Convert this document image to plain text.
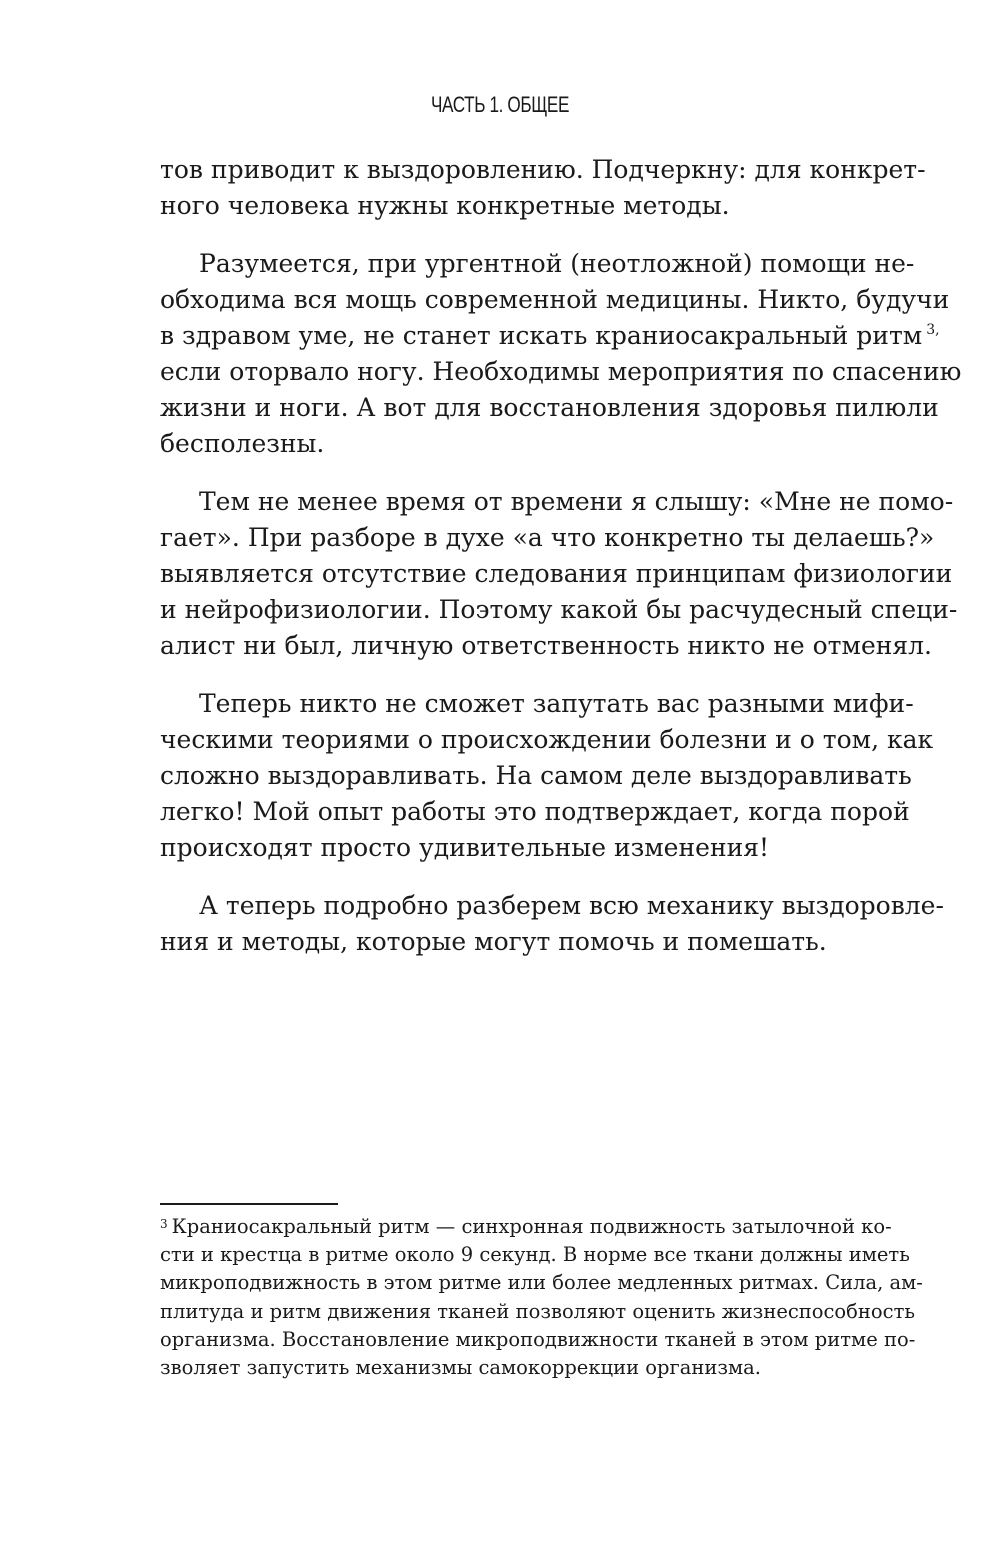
ЧАСТЬ 1. ОБЩЕЕ
тов приводит к выздоровлению. Подчеркну: для конкрет-
ного человека нужны конкретные методы.
Разумеется, при ургентной (неотложной) помощи не-
обходима вся мощь современной медицины. Никто, будучи
в здравом уме, не станет искать краниосакральный ритм $^{3,}$
если оторвало ногу. Необходимы мероприятия по спасению
жизни и ноги. А вот для восстановления здоровья пилюли
бесполезны.
Тем не менее время от времени я слышу: «Мне не помо-
гает». При разборе в духе «а что конкретно ты делаешь?»
выявляется отсутствие следования принципам физиологии
и нейрофизиологии. Поэтому какой бы расчудесный специ-
алист ни был, личную ответственность никто не отменял.
Теперь никто не сможет запутать вас разными мифи-
ческими теориями о происхождении болезни и о том, как
сложно выздоравливать. На самом деле выздоравливать
легко! Мой опыт работы это подтверждает, когда порой
происходят просто удивительные изменения!
А теперь подробно разберем всю механику выздоровле-
ния и методы, которые могут помочь и помешать.
$^3$ Краниосакральный ритм — синхронная подвижность затылочной ко-
сти и крестца в ритме около 9 секунд. В норме все ткани должны иметь
микроподвижность в этом ритме или более медленных ритмах. Сила, ам-
плитуда и ритм движения тканей позволяют оценить жизнеспособность
организма. Восстановление микроподвижности тканей в этом ритме по-
зволяет запустить механизмы самокоррекции организма.
